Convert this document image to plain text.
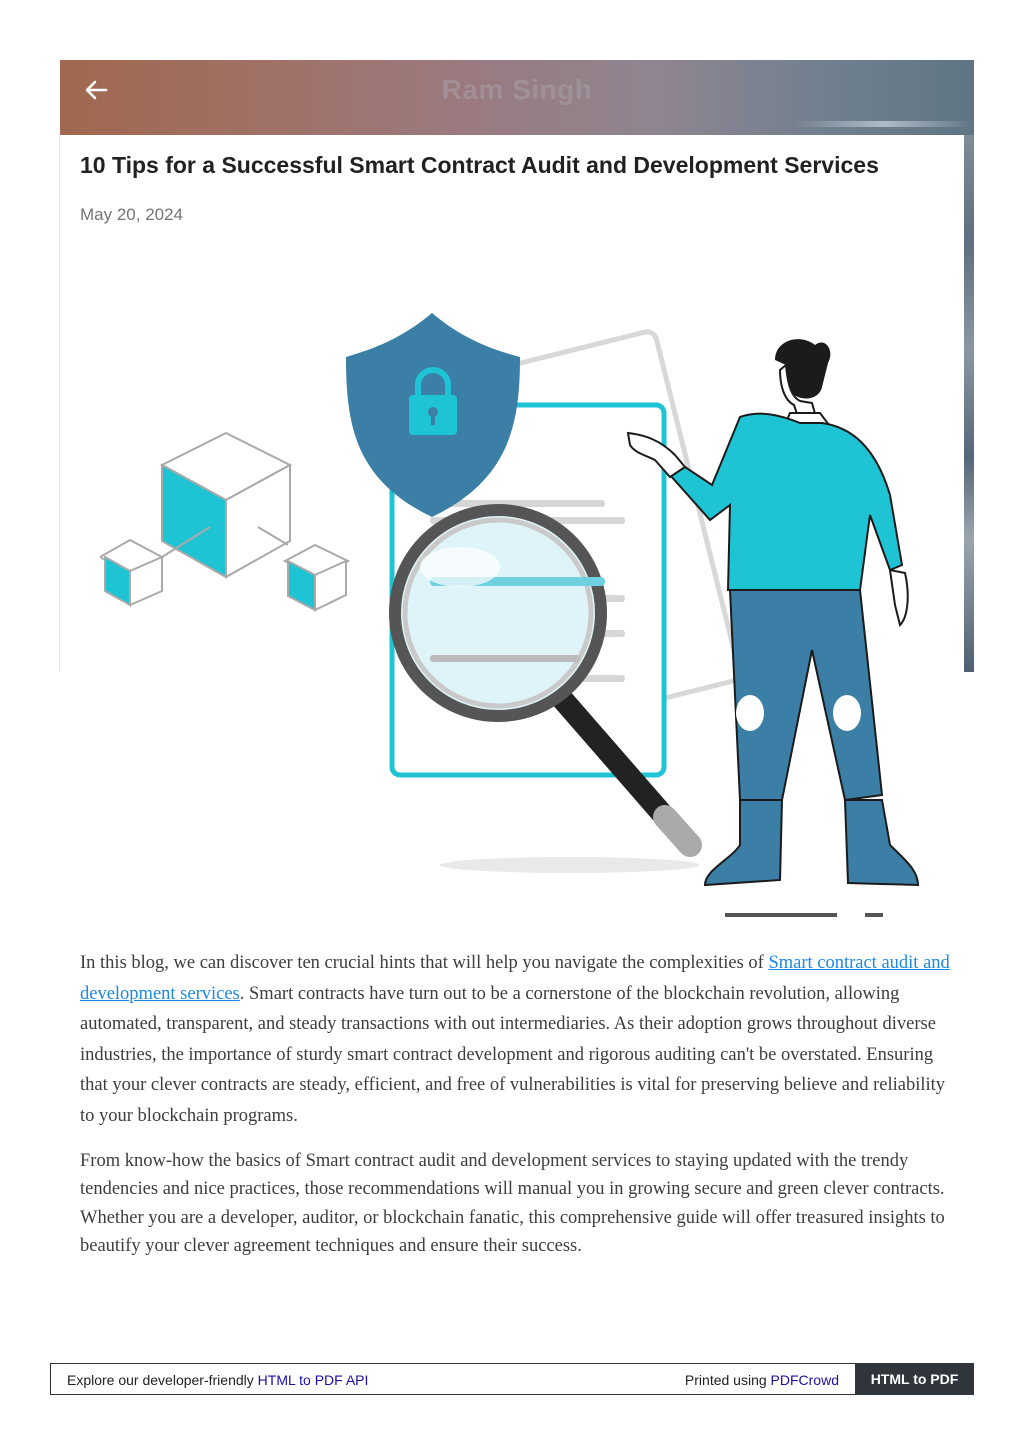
Ram Singh
10 Tips for a Successful Smart Contract Audit and Development Services
May 20, 2024

In this blog, we can discover ten crucial hints that will help you navigate the complexities of Smart contract audit and development services. Smart contracts have turn out to be a cornerstone of the blockchain revolution, allowing automated, transparent, and steady transactions with out intermediaries. As their adoption grows throughout diverse industries, the importance of sturdy smart contract development and rigorous auditing can't be overstated. Ensuring that your clever contracts are steady, efficient, and free of vulnerabilities is vital for preserving believe and reliability to your blockchain programs.

From know-how the basics of Smart contract audit and development services to staying updated with the trendy tendencies and nice practices, those recommendations will manual you in growing secure and green clever contracts. Whether you are a developer, auditor, or blockchain fanatic, this comprehensive guide will offer treasured insights to beautify your clever agreement techniques and ensure their success.

Explore our developer-friendly HTML to PDF API	Printed using PDFCrowd	HTML to PDF
